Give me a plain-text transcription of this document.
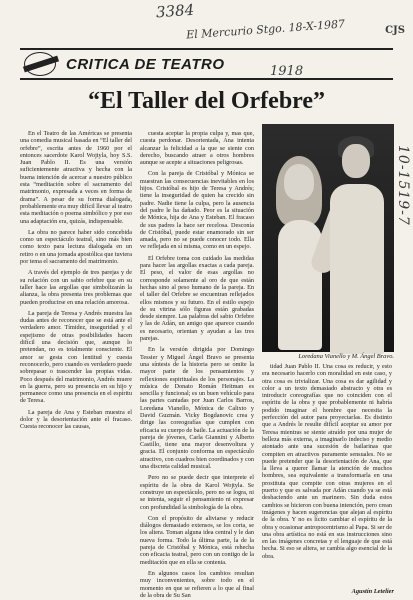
3384
El Mercurio Stgo. 18-X-1987	CJS
1918
10-1519-7
CRITICA DE TEATRO
“El Taller del Orfebre”

En el Teatro de las Américas se presenta una comedia musical basada en “El taller del orfebre”, escrita antes de 1960 por el entonces sacerdote Karol Wojtyla, hoy S.S. Juan Pablo II. Es una versión suficientemente atractiva y hecha con la buena intención de acercar a nuestro público esta “meditación sobre el sacramento del matrimonio, expresada a veces en forma de drama”. A pesar de su forma dialogada, probablemente era muy difícil llevar al teatro esta meditación o poema simbólico y por eso una adaptación era, quizás, indispensable.

La obra no parece haber sido concebida como un espectáculo teatral, sino más bien como texto para lectura dialogada en un retiro o en una jornada apostólica que tuviera por tema el sacramento del matrimonio.

A través del ejemplo de tres parejas y de su relación con un sabio orfebre que en su taller hace las argollas que simbolizarán la alianza, la obra presenta tres problemas que pueden producirse en una relación amorosa.

La pareja de Teresa y Andrés muestra las dudas antes de reconocer que se está ante el verdadero amor. Tímidez, inseguridad y el espejismo de otras posibilidades hacen difícil una decisión que, aunque lo pretendan, no es totalmente consciente. El amor se gesta con lentitud y cuesta reconocerlo, pero cuando es verdadero puede sobrepasar o trascender las propias vidas. Poco después del matrimonio, Andrés muere en la guerra, pero su presencia en su hijo y permanece como una presencia en el espíritu de Teresa.

La pareja de Ana y Esteban muestra el dolor y la desorientación ante el fracaso. Cuesta reconocer las causas,

cuesta aceptar la propia culpa y, mas que, cuesta perdonar. Desorientada, Ana intenta alcanzar la felicidad a la que se siente con derecho, buscando atraer a otros hombres aunque se acepte a situaciones peligrosas.

Con la pareja de Cristóbal y Mónica se muestran las consecuencias inevitables en los hijos. Cristóbal es hijo de Teresa y Andrés; tiene la inseguridad de quien ha crecido sin padre. Nadie tiene la culpa, pero la ausencia del padre le ha dañado. Peor es la situación de Mónica, hija de Ana y Esteban. El fracaso de sus padres la hace ser recelosa. Desconía de Cristóbal, puede estar enamorado sin ser amada, pero no se puede conocer todo. Ella ve reflejada en sí misma, como en un espejo.

El Orfebre toma con cuidado las medidas para hacer las argollas exactas a cada pareja. El peso, el valor de esas argollas no corresponde solamente al oro de que están hechas sino al peso humano de la pareja. En el taller del Orfebre se encuentran reflejados ellos mismos y su futuro. En el estilo espejo de su vitrina sólo figuras están grabadas desde siempre. Las palabras del sabio Orfebre y las de Adán, un amigo que aparece cuando es necesario, orientan y ayudan a las tres parejas.

En la versión dirigida por Domingo Tessier y Miguel Ángel Bravo se presenta una síntesis de la historia pero se omite la mayor parte de los pensamientos y reflexiones espirituales de los personajes. La música de Donato Román Heitman es sencilla y funcional; es un buen vehículo para las partes cantadas por Juan Carlos Barros, Loredana Vianello, Mónica de Calixto y David Guzmán. Vicky Bogdanovic crea y dirige las coreografías que cumplen con eficacia su cuerpo de baile. La actuación de la pareja de jóvenes, Carla Giannini y Alberto Castillo, tiene una mayor desenvoltura y gracia. El conjunto conforma un espectáculo atractivo, con cuadros bien coordinados y con una discreta calidad musical.

Pero no se puede decir que interprete el espíritu de la obra de Karol Wojtyla. Se construye un espectáculo, pero no se logra, ni se intenta, seguir el pensamiento ni expresar con profundidad la simbología de la obra.

Con el propósito de aliviarse y reducir diálogos demasiado extensos, se los corta, se los altera. Toman alguna idea central y le dan nueva forma. Todo la última parte, la de la pareja de Cristóbal y Mónica, está rehecha con eficacia teatral, pero con un contigo de la meditación que en ella se contenia.

En algunos casos los cambios resultan muy inconvenientes, sobre todo en el momento en que se refieren a lo que al final de la obra de Su San

Loredana Vianello y M. Ángel Bravo.

tidad Juan Pablo II. Una cosa es reducir, y esto era necesario hacerlo con moralidad en este caso, y otra cosa es trivializar. Una cosa es dar agilidad y color a un texto demasiado abstracto y otra es introducir coreografías que no coinciden con el espíritu de la obra y que probablemente ni habría podido imaginar el hombre que necesita la perfección del autor para proyectarlas. Es distinto que a Andrés le resulte difícil aceptar su amor por Teresa mientras se siente atraído por una mujer de belleza más externa, a imaginarlo indeciso y medio atontado ante una sucesión de bailarinas que compiten en atractivos puramente sensuales. No se puede pretender que la desorientación de Ana, que la lleva a querer llamar la atención de muchos hombres, sea equivalente a transformarla en una prostituta que compite con otras mujeres en el puerto y que es salvada por Adán cuando ya se está deshaciendo ante un marinero. Sin duda estos cambios se hicieron con buena intención, pero crean imágenes y hacen sugerencias que alejan al espíritu de la obra. Y no es lícito cambiar el espíritu de la obra y ocasionar antropocentrismo al Papa. Si ser de una obra artística no está en sus instrucciones sino en las imágenes concretas y el lenguaje de que está hecha. Si eso se altera, se cambia algo esencial de la obra.

Agustín Letelier
